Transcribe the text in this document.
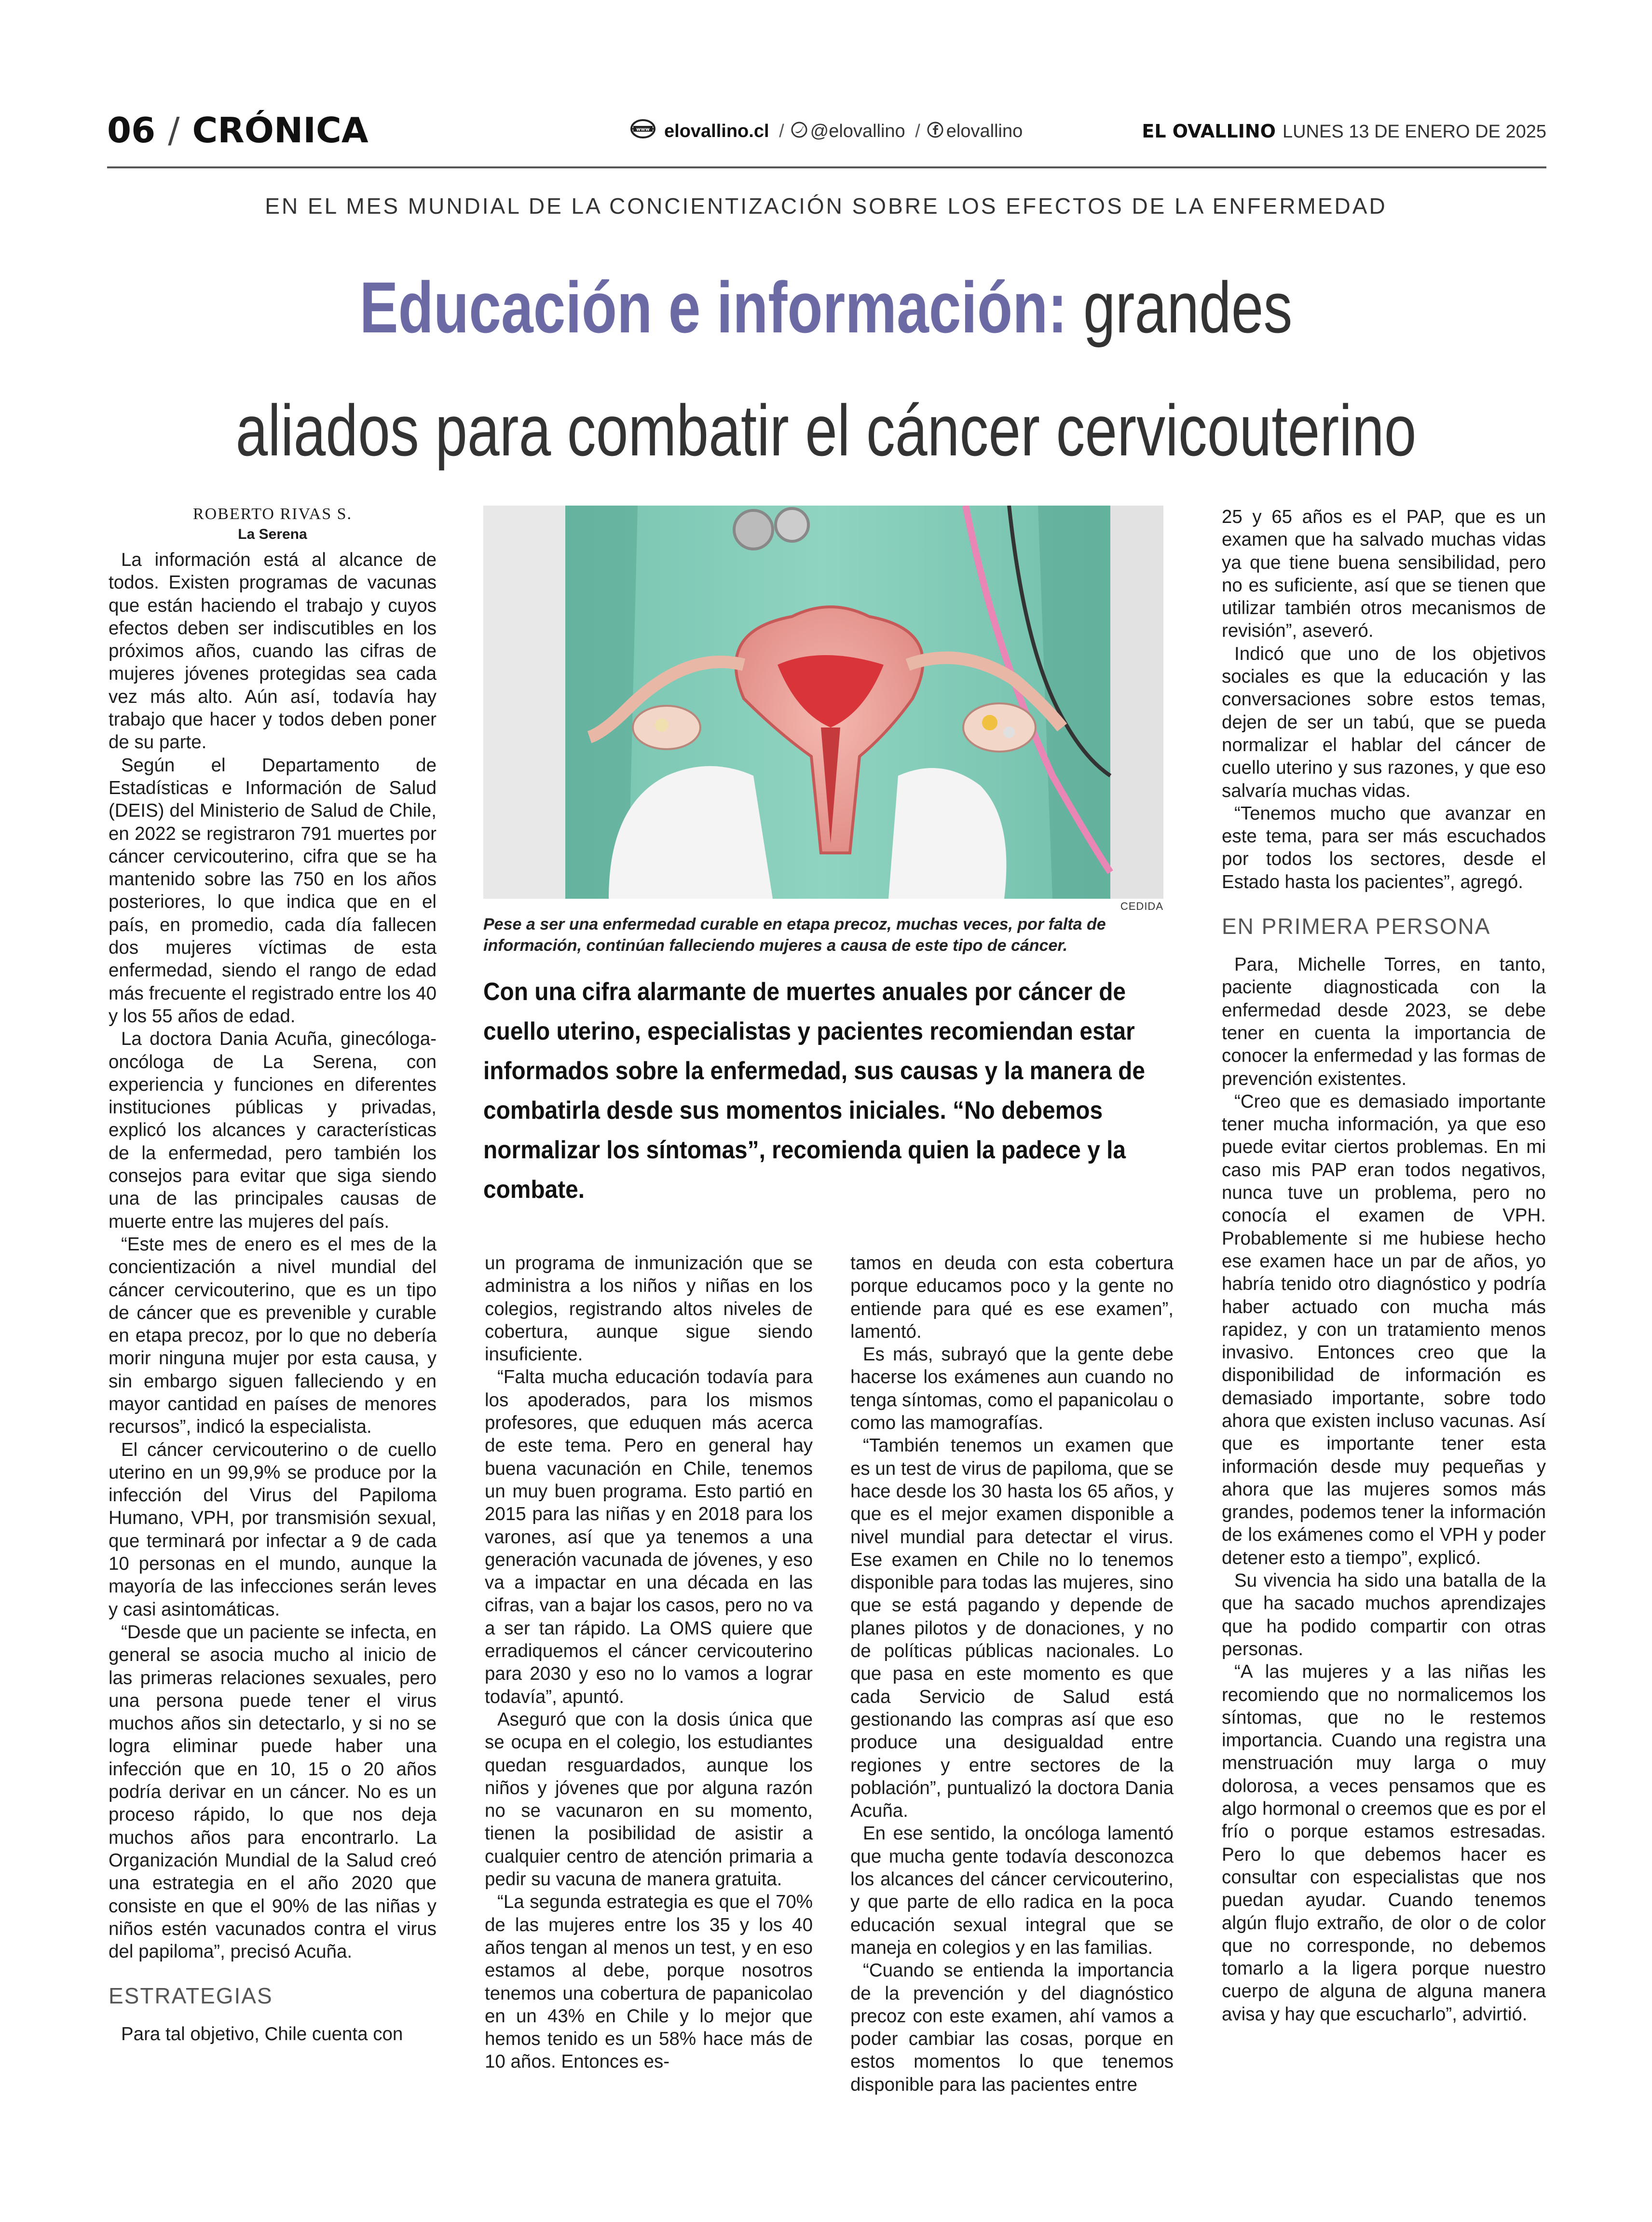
06 / CRÓNICA	www elovallino.cl / @elovallino / elovallino	EL OVALLINO LUNES 13 DE ENERO DE 2025
EN EL MES MUNDIAL DE LA CONCIENTIZACIÓN SOBRE LOS EFECTOS DE LA ENFERMEDAD
Educación e información: grandes
aliados para combatir el cáncer cervicouterino

ROBERTO RIVAS S.

La Serena

La información está al alcance de todos. Existen programas de vacunas que están haciendo el trabajo y cuyos efectos deben ser indiscutibles en los próximos años, cuando las cifras de mujeres jóvenes protegidas sea cada vez más alto. Aún así, todavía hay trabajo que hacer y todos deben poner de su parte.

Según el Departamento de Estadísticas e Información de Salud (DEIS) del Ministerio de Salud de Chile, en 2022 se registraron 791 muertes por cáncer cervicouterino, cifra que se ha mantenido sobre las 750 en los años posteriores, lo que indica que en el país, en promedio, cada día fallecen dos mujeres víctimas de esta enfermedad, siendo el rango de edad más frecuente el registrado entre los 40 y los 55 años de edad.

La doctora Dania Acuña, ginecóloga-oncóloga de La Serena, con experiencia y funciones en diferentes instituciones públicas y privadas, explicó los alcances y características de la enfermedad, pero también los consejos para evitar que siga siendo una de las principales causas de muerte entre las mujeres del país.

“Este mes de enero es el mes de la concientización a nivel mundial del cáncer cervicouterino, que es un tipo de cáncer que es prevenible y curable en etapa precoz, por lo que no debería morir ninguna mujer por esta causa, y sin embargo siguen falleciendo y en mayor cantidad en países de menores recursos”, indicó la especialista.

El cáncer cervicouterino o de cuello uterino en un 99,9% se produce por la infección del Virus del Papiloma Humano, VPH, por transmisión sexual, que terminará por infectar a 9 de cada 10 personas en el mundo, aunque la mayoría de las infecciones serán leves y casi asintomáticas.

“Desde que un paciente se infecta, en general se asocia mucho al inicio de las primeras relaciones sexuales, pero una persona puede tener el virus muchos años sin detectarlo, y si no se logra eliminar puede haber una infección que en 10, 15 o 20 años podría derivar en un cáncer. No es un proceso rápido, lo que nos deja muchos años para encontrarlo. La Organización Mundial de la Salud creó una estrategia en el año 2020 que consiste en que el 90% de las niñas y niños estén vacunados contra el virus del papiloma”, precisó Acuña.

ESTRATEGIAS

Para tal objetivo, Chile cuenta con

CEDIDA
Pese a ser una enfermedad curable en etapa precoz, muchas veces, por falta de información, continúan falleciendo mujeres a causa de este tipo de cáncer.
Con una cifra alarmante de muertes anuales por cáncer de cuello uterino, especialistas y pacientes recomiendan estar informados sobre la enfermedad, sus causas y la manera de combatirla desde sus momentos iniciales. “No debemos normalizar los síntomas”, recomienda quien la padece y la combate.

un programa de inmunización que se administra a los niños y niñas en los colegios, registrando altos niveles de cobertura, aunque sigue siendo insuficiente.

“Falta mucha educación todavía para los apoderados, para los mismos profesores, que eduquen más acerca de este tema. Pero en general hay buena vacunación en Chile, tenemos un muy buen programa. Esto partió en 2015 para las niñas y en 2018 para los varones, así que ya tenemos a una generación vacunada de jóvenes, y eso va a impactar en una década en las cifras, van a bajar los casos, pero no va a ser tan rápido. La OMS quiere que erradiquemos el cáncer cervicouterino para 2030 y eso no lo vamos a lograr todavía”, apuntó.

Aseguró que con la dosis única que se ocupa en el colegio, los estudiantes quedan resguardados, aunque los niños y jóvenes que por alguna razón no se vacunaron en su momento, tienen la posibilidad de asistir a cualquier centro de atención primaria a pedir su vacuna de manera gratuita.

“La segunda estrategia es que el 70% de las mujeres entre los 35 y los 40 años tengan al menos un test, y en eso estamos al debe, porque nosotros tenemos una cobertura de papanicolao en un 43% en Chile y lo mejor que hemos tenido es un 58% hace más de 10 años. Entonces es-

tamos en deuda con esta cobertura porque educamos poco y la gente no entiende para qué es ese examen”, lamentó.

Es más, subrayó que la gente debe hacerse los exámenes aun cuando no tenga síntomas, como el papanicolau o como las mamografías.

“También tenemos un examen que es un test de virus de papiloma, que se hace desde los 30 hasta los 65 años, y que es el mejor examen disponible a nivel mundial para detectar el virus. Ese examen en Chile no lo tenemos disponible para todas las mujeres, sino que se está pagando y depende de planes pilotos y de donaciones, y no de políticas públicas nacionales. Lo que pasa en este momento es que cada Servicio de Salud está gestionando las compras así que eso produce una desigualdad entre regiones y entre sectores de la población”, puntualizó la doctora Dania Acuña.

En ese sentido, la oncóloga lamentó que mucha gente todavía desconozca los alcances del cáncer cervicouterino, y que parte de ello radica en la poca educación sexual integral que se maneja en colegios y en las familias.

“Cuando se entienda la importancia de la prevención y del diagnóstico precoz con este examen, ahí vamos a poder cambiar las cosas, porque en estos momentos lo que tenemos disponible para las pacientes entre

25 y 65 años es el PAP, que es un examen que ha salvado muchas vidas ya que tiene buena sensibilidad, pero no es suficiente, así que se tienen que utilizar también otros mecanismos de revisión”, aseveró.

Indicó que uno de los objetivos sociales es que la educación y las conversaciones sobre estos temas, dejen de ser un tabú, que se pueda normalizar el hablar del cáncer de cuello uterino y sus razones, y que eso salvaría muchas vidas.

“Tenemos mucho que avanzar en este tema, para ser más escuchados por todos los sectores, desde el Estado hasta los pacientes”, agregó.

EN PRIMERA PERSONA

Para, Michelle Torres, en tanto, paciente diagnosticada con la enfermedad desde 2023, se debe tener en cuenta la importancia de conocer la enfermedad y las formas de prevención existentes.

“Creo que es demasiado importante tener mucha información, ya que eso puede evitar ciertos problemas. En mi caso mis PAP eran todos negativos, nunca tuve un problema, pero no conocía el examen de VPH. Probablemente si me hubiese hecho ese examen hace un par de años, yo habría tenido otro diagnóstico y podría haber actuado con mucha más rapidez, y con un tratamiento menos invasivo. Entonces creo que la disponibilidad de información es demasiado importante, sobre todo ahora que existen incluso vacunas. Así que es importante tener esta información desde muy pequeñas y ahora que las mujeres somos más grandes, podemos tener la información de los exámenes como el VPH y poder detener esto a tiempo”, explicó.

Su vivencia ha sido una batalla de la que ha sacado muchos aprendizajes que ha podido compartir con otras personas.

“A las mujeres y a las niñas les recomiendo que no normalicemos los síntomas, que no le restemos importancia. Cuando una registra una menstruación muy larga o muy dolorosa, a veces pensamos que es algo hormonal o creemos que es por el frío o porque estamos estresadas. Pero lo que debemos hacer es consultar con especialistas que nos puedan ayudar. Cuando tenemos algún flujo extraño, de olor o de color que no corresponde, no debemos tomarlo a la ligera porque nuestro cuerpo de alguna de alguna manera avisa y hay que escucharlo”, advirtió.
